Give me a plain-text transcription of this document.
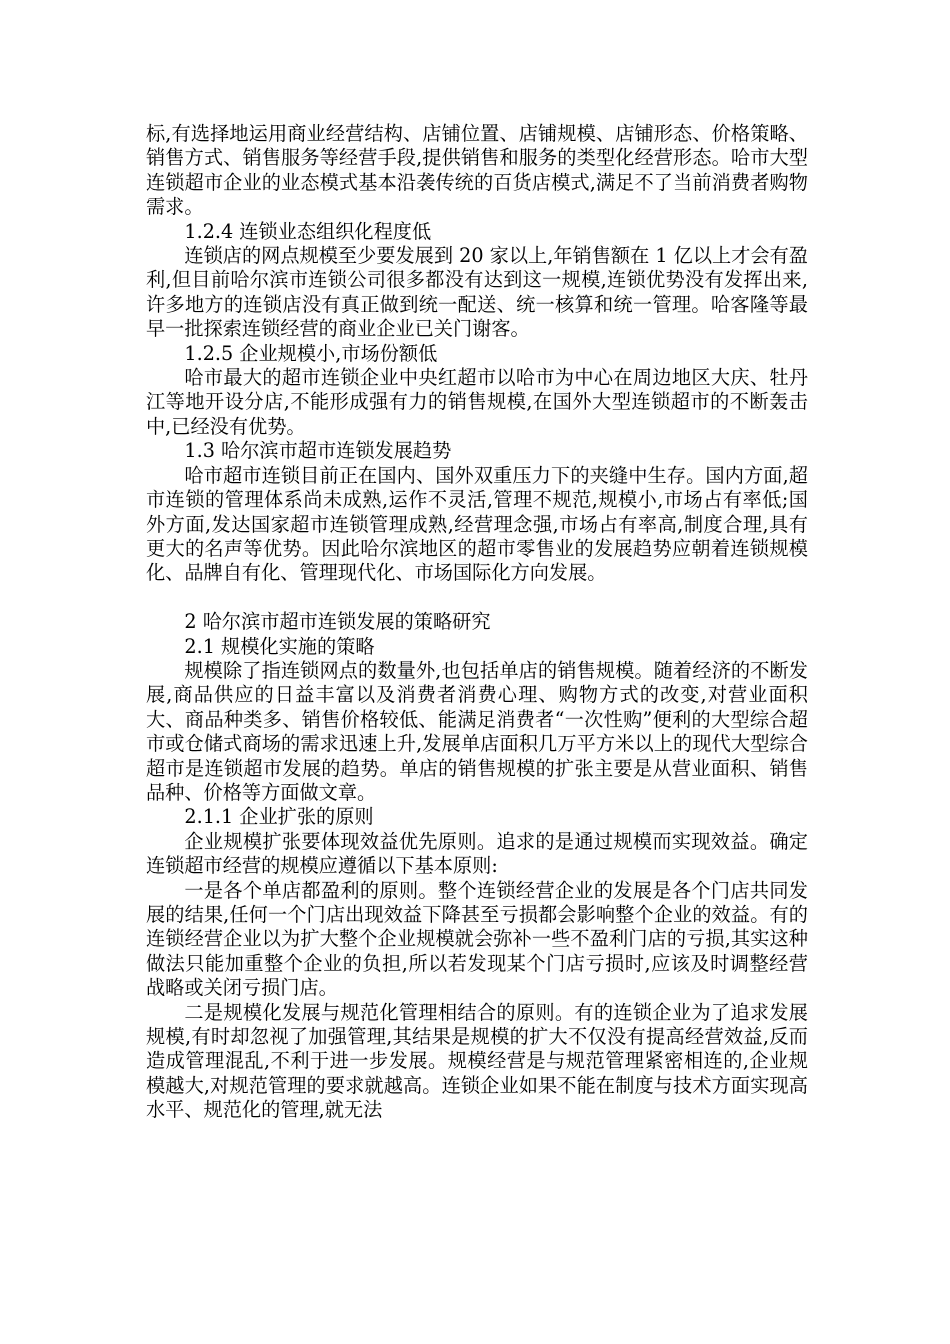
标,有选择地运用商业经营结构、店铺位置、店铺规模、店铺形态、价格策略、销售方式、销售服务等经营手段,提供销售和服务的类型化经营形态。哈市大型连锁超市企业的业态模式基本沿袭传统的百货店模式,满足不了当前消费者购物需求。

1.2.4 连锁业态组织化程度低

连锁店的网点规模至少要发展到 20 家以上,年销售额在 1 亿以上才会有盈利,但目前哈尔滨市连锁公司很多都没有达到这一规模,连锁优势没有发挥出来,许多地方的连锁店没有真正做到统一配送、统一核算和统一管理。哈客隆等最早一批探索连锁经营的商业企业已关门谢客。

1.2.5 企业规模小,市场份额低

哈市最大的超市连锁企业中央红超市以哈市为中心在周边地区大庆、牡丹江等地开设分店,不能形成强有力的销售规模,在国外大型连锁超市的不断轰击中,已经没有优势。

1.3 哈尔滨市超市连锁发展趋势

哈市超市连锁目前正在国内、国外双重压力下的夹缝中生存。国内方面,超市连锁的管理体系尚未成熟,运作不灵活,管理不规范,规模小,市场占有率低;国外方面,发达国家超市连锁管理成熟,经营理念强,市场占有率高,制度合理,具有更大的名声等优势。因此哈尔滨地区的超市零售业的发展趋势应朝着连锁规模化、品牌自有化、管理现代化、市场国际化方向发展。

2 哈尔滨市超市连锁发展的策略研究

2.1 规模化实施的策略

规模除了指连锁网点的数量外,也包括单店的销售规模。随着经济的不断发展,商品供应的日益丰富以及消费者消费心理、购物方式的改变,对营业面积大、商品种类多、销售价格较低、能满足消费者“一次性购”便利的大型综合超市或仓储式商场的需求迅速上升,发展单店面积几万平方米以上的现代大型综合超市是连锁超市发展的趋势。单店的销售规模的扩张主要是从营业面积、销售品种、价格等方面做文章。

2.1.1 企业扩张的原则

企业规模扩张要体现效益优先原则。追求的是通过规模而实现效益。确定连锁超市经营的规模应遵循以下基本原则:

一是各个单店都盈利的原则。整个连锁经营企业的发展是各个门店共同发展的结果,任何一个门店出现效益下降甚至亏损都会影响整个企业的效益。有的连锁经营企业以为扩大整个企业规模就会弥补一些不盈利门店的亏损,其实这种做法只能加重整个企业的负担,所以若发现某个门店亏损时,应该及时调整经营战略或关闭亏损门店。

二是规模化发展与规范化管理相结合的原则。有的连锁企业为了追求发展规模,有时却忽视了加强管理,其结果是规模的扩大不仅没有提高经营效益,反而造成管理混乱,不利于进一步发展。规模经营是与规范管理紧密相连的,企业规模越大,对规范管理的要求就越高。连锁企业如果不能在制度与技术方面实现高水平、规范化的管理,就无法
